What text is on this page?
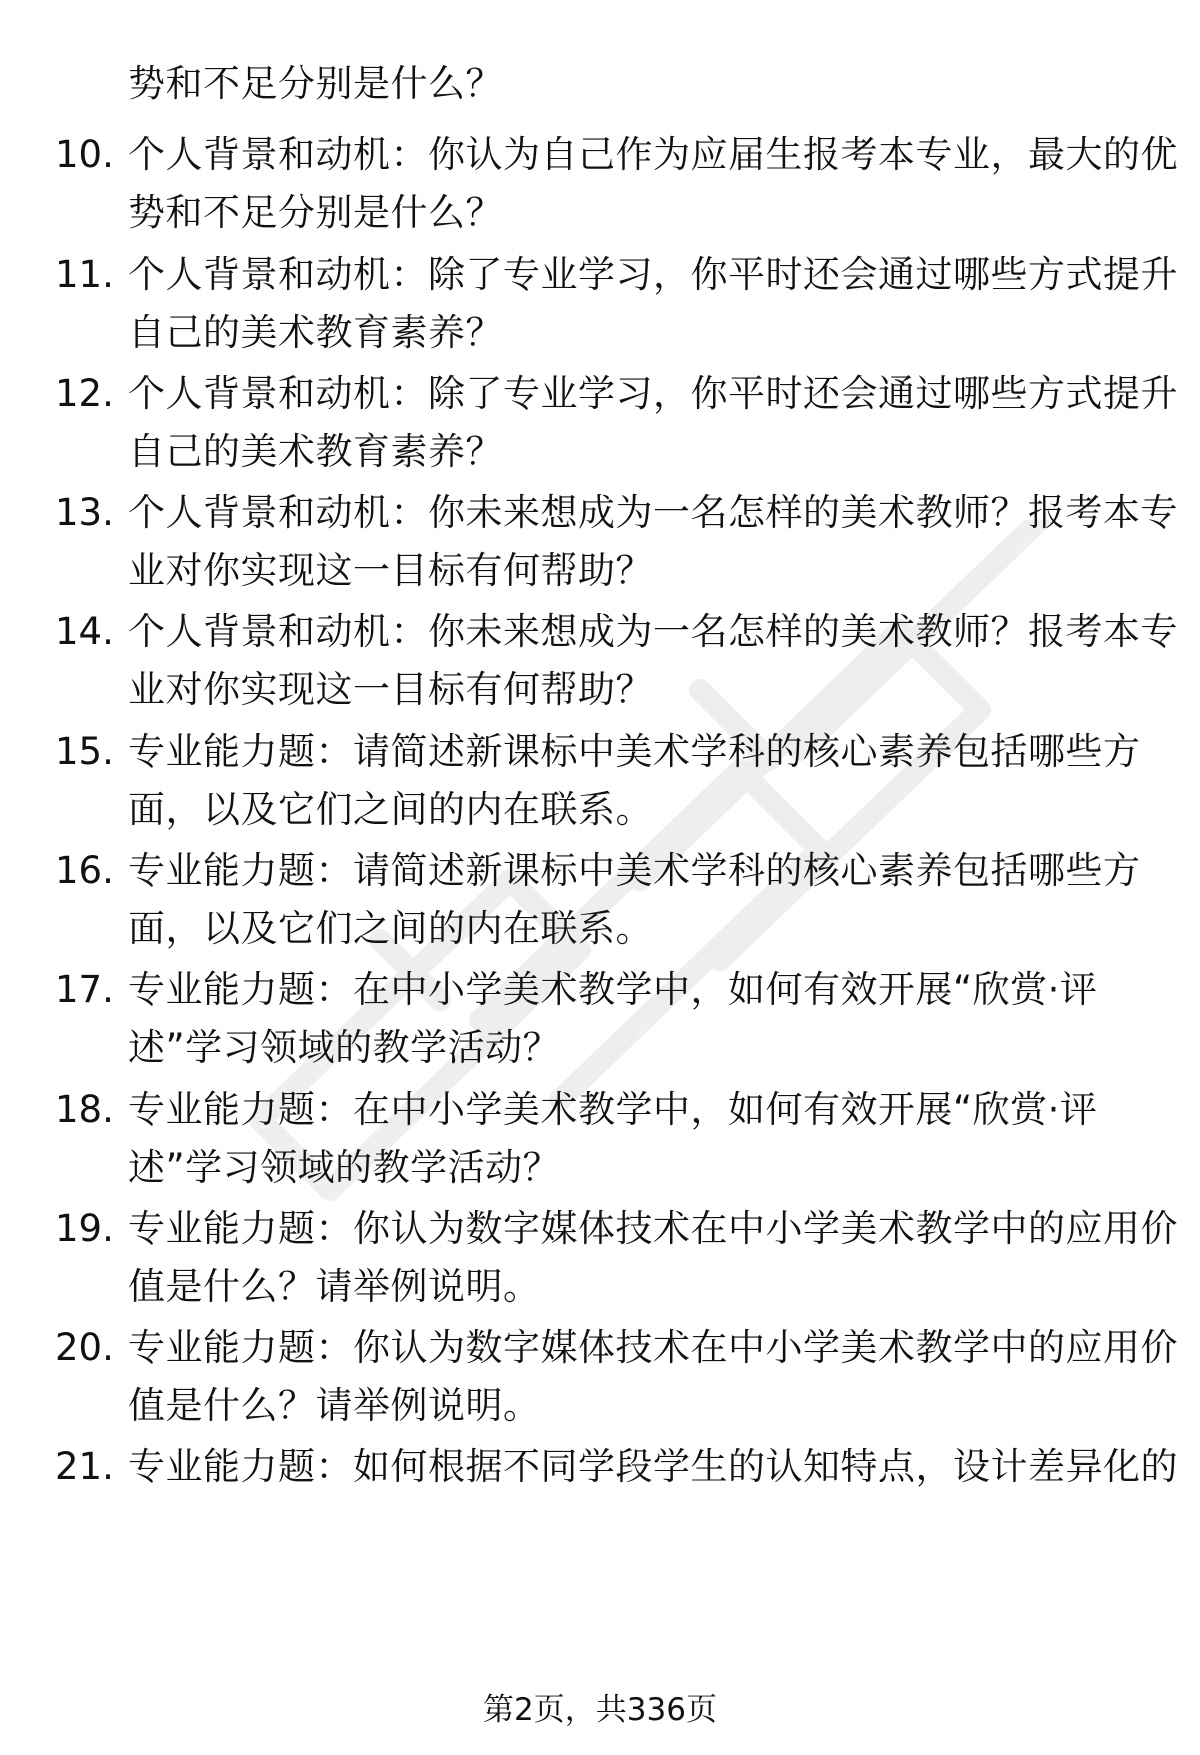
势和不足分别是什么？
10. 个人背景和动机：你认为自己作为应届生报考本专业，最大的优
势和不足分别是什么？
11. 个人背景和动机：除了专业学习，你平时还会通过哪些方式提升
自己的美术教育素养？
12. 个人背景和动机：除了专业学习，你平时还会通过哪些方式提升
自己的美术教育素养？
13. 个人背景和动机：你未来想成为一名怎样的美术教师？报考本专
业对你实现这一目标有何帮助？
14. 个人背景和动机：你未来想成为一名怎样的美术教师？报考本专
业对你实现这一目标有何帮助？
15. 专业能力题：请简述新课标中美术学科的核心素养包括哪些方
面，以及它们之间的内在联系。
16. 专业能力题：请简述新课标中美术学科的核心素养包括哪些方
面，以及它们之间的内在联系。
17. 专业能力题：在中小学美术教学中，如何有效开展“欣赏·评
述”学习领域的教学活动？
18. 专业能力题：在中小学美术教学中，如何有效开展“欣赏·评
述”学习领域的教学活动？
19. 专业能力题：你认为数字媒体技术在中小学美术教学中的应用价
值是什么？请举例说明。
20. 专业能力题：你认为数字媒体技术在中小学美术教学中的应用价
值是什么？请举例说明。
21. 专业能力题：如何根据不同学段学生的认知特点，设计差异化的
第2页，共336页
